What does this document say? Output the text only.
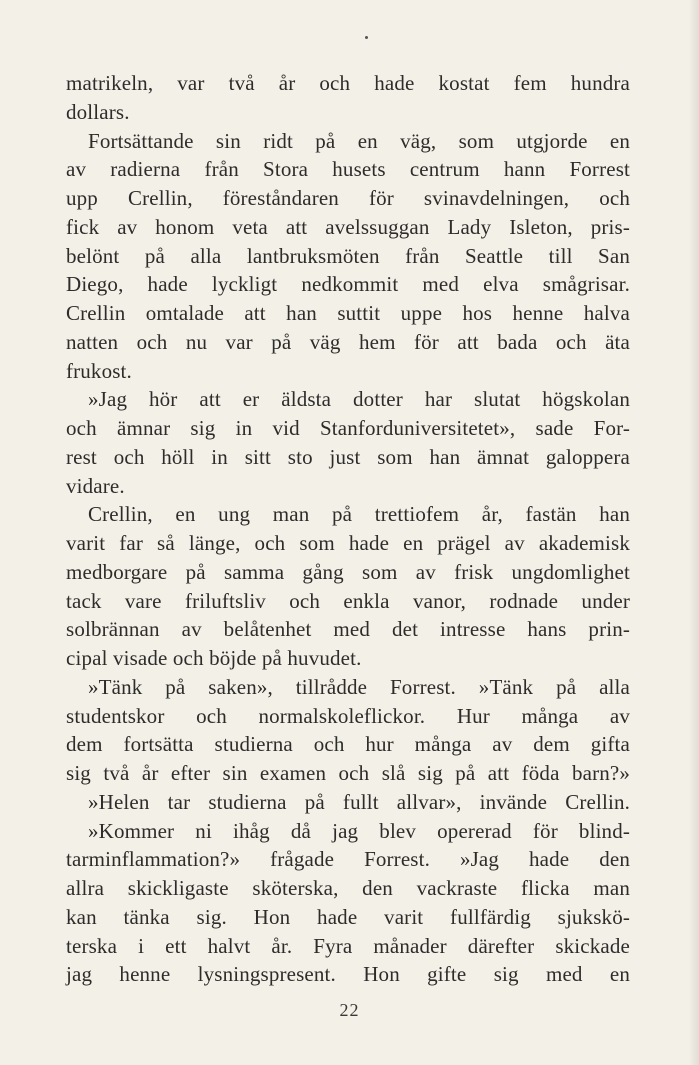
matrikeln, var två år och hade kostat fem hundra
dollars.
Fortsättande sin ridt på en väg, som utgjorde en
av radierna från Stora husets centrum hann Forrest
upp Crellin, föreståndaren för svinavdelningen, och
fick av honom veta att avelssuggan Lady Isleton, pris-
belönt på alla lantbruksmöten från Seattle till San
Diego, hade lyckligt nedkommit med elva smågrisar.
Crellin omtalade att han suttit uppe hos henne halva
natten och nu var på väg hem för att bada och äta
frukost.
»Jag hör att er äldsta dotter har slutat högskolan
och ämnar sig in vid Stanforduniversitetet», sade For-
rest och höll in sitt sto just som han ämnat galoppera
vidare.
Crellin, en ung man på trettiofem år, fastän han
varit far så länge, och som hade en prägel av akademisk
medborgare på samma gång som av frisk ungdomlighet
tack vare friluftsliv och enkla vanor, rodnade under
solbrännan av belåtenhet med det intresse hans prin-
cipal visade och böjde på huvudet.
»Tänk på saken», tillrådde Forrest. »Tänk på alla
studentskor och normalskoleflickor. Hur många av
dem fortsätta studierna och hur många av dem gifta
sig två år efter sin examen och slå sig på att föda barn?»
»Helen tar studierna på fullt allvar», invände Crellin.
»Kommer ni ihåg då jag blev opererad för blind-
tarminflammation?» frågade Forrest. »Jag hade den
allra skickligaste sköterska, den vackraste flicka man
kan tänka sig. Hon hade varit fullfärdig sjukskö-
terska i ett halvt år. Fyra månader därefter skickade
jag henne lysningspresent. Hon gifte sig med en
22
